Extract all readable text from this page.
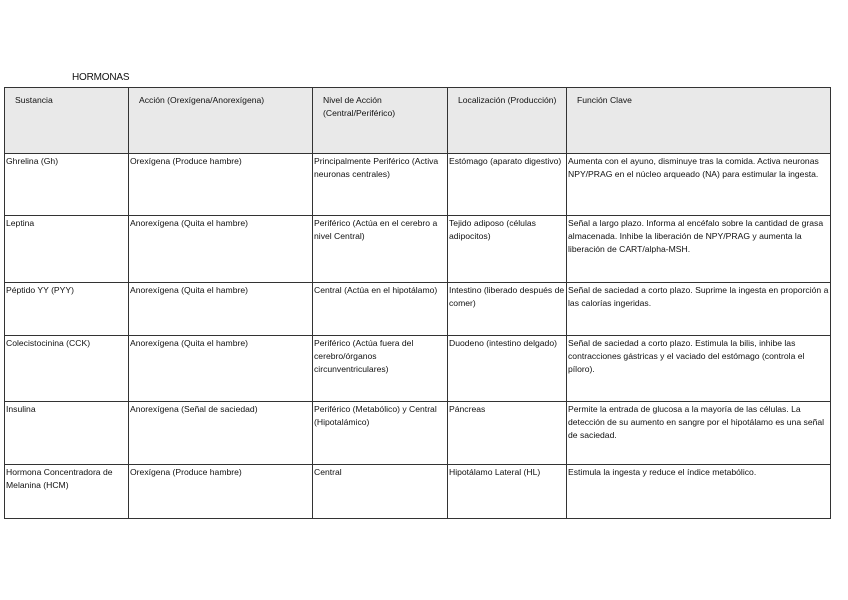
HORMONAS
Sustancia	Acción (Orexígena/Anorexígena)	Nivel de Acción (Central/Periférico)	Localización (Producción)	Función Clave
Ghrelina (Gh)	Orexígena (Produce hambre)	Principalmente Periférico (Activa neuronas centrales)	Estómago (aparato digestivo)	Aumenta con el ayuno, disminuye tras la comida. Activa neuronas NPY/PRAG en el núcleo arqueado (NA) para estimular la ingesta.
Leptina	Anorexígena (Quita el hambre)	Periférico (Actúa en el cerebro a nivel Central)	Tejido adiposo (células adipocitos)	Señal a largo plazo. Informa al encéfalo sobre la cantidad de grasa almacenada. Inhibe la liberación de NPY/PRAG y aumenta la liberación de CART/alpha-MSH.
Péptido YY (PYY)	Anorexígena (Quita el hambre)	Central (Actúa en el hipotálamo)	Intestino (liberado después de comer)	Señal de saciedad a corto plazo. Suprime la ingesta en proporción a las calorías ingeridas.
Colecistocinina (CCK)	Anorexígena (Quita el hambre)	Periférico (Actúa fuera del cerebro/órganos circunventriculares)	Duodeno (intestino delgado)	Señal de saciedad a corto plazo. Estimula la bilis, inhibe las contracciones gástricas y el vaciado del estómago (controla el píloro).
Insulina	Anorexígena (Señal de saciedad)	Periférico (Metabólico) y Central (Hipotalámico)	Páncreas	Permite la entrada de glucosa a la mayoría de las células. La detección de su aumento en sangre por el hipotálamo es una señal de saciedad.
Hormona Concentradora de Melanina (HCM)	Orexígena (Produce hambre)	Central	Hipotálamo Lateral (HL)	Estimula la ingesta y reduce el índice metabólico.
